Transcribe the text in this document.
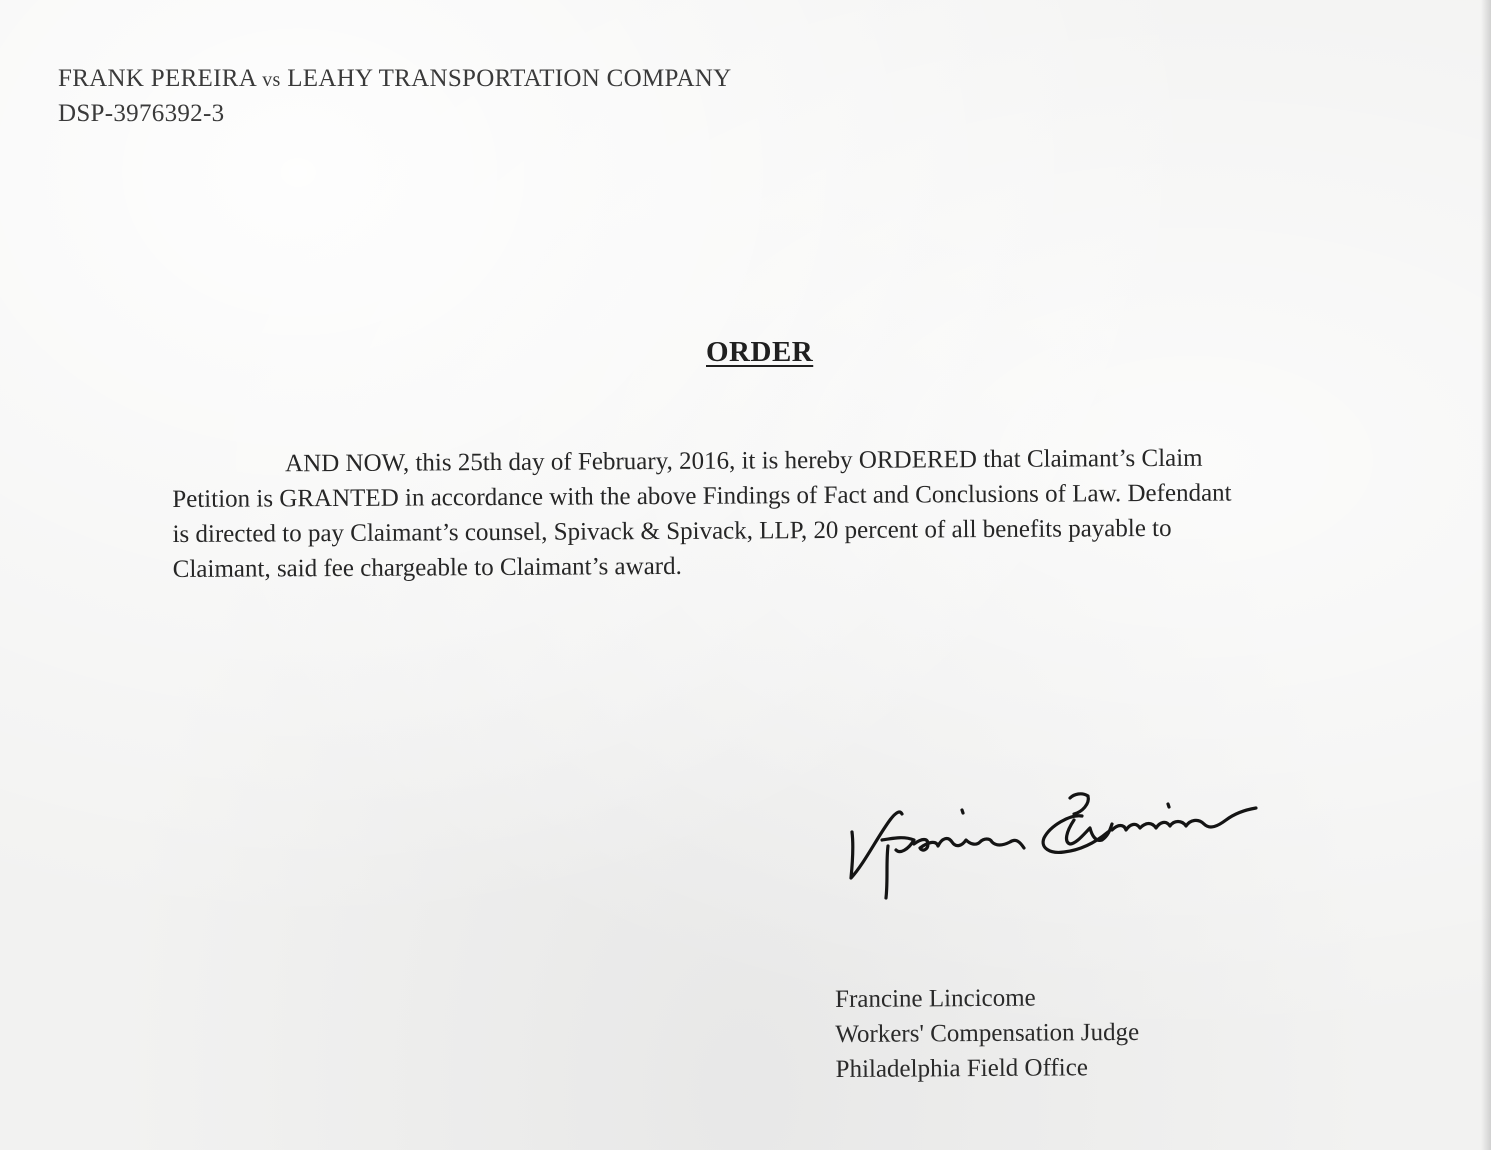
FRANK PEREIRA vs LEAHY TRANSPORTATION COMPANY
DSP-3976392-3
ORDER
AND NOW, this 25th day of February, 2016, it is hereby ORDERED that Claimant’s Claim
Petition is GRANTED in accordance with the above Findings of Fact and Conclusions of Law. Defendant
is directed to pay Claimant’s counsel, Spivack & Spivack, LLP, 20 percent of all benefits payable to
Claimant, said fee chargeable to Claimant’s award.
Francine Lincicome
Workers' Compensation Judge
Philadelphia Field Office
